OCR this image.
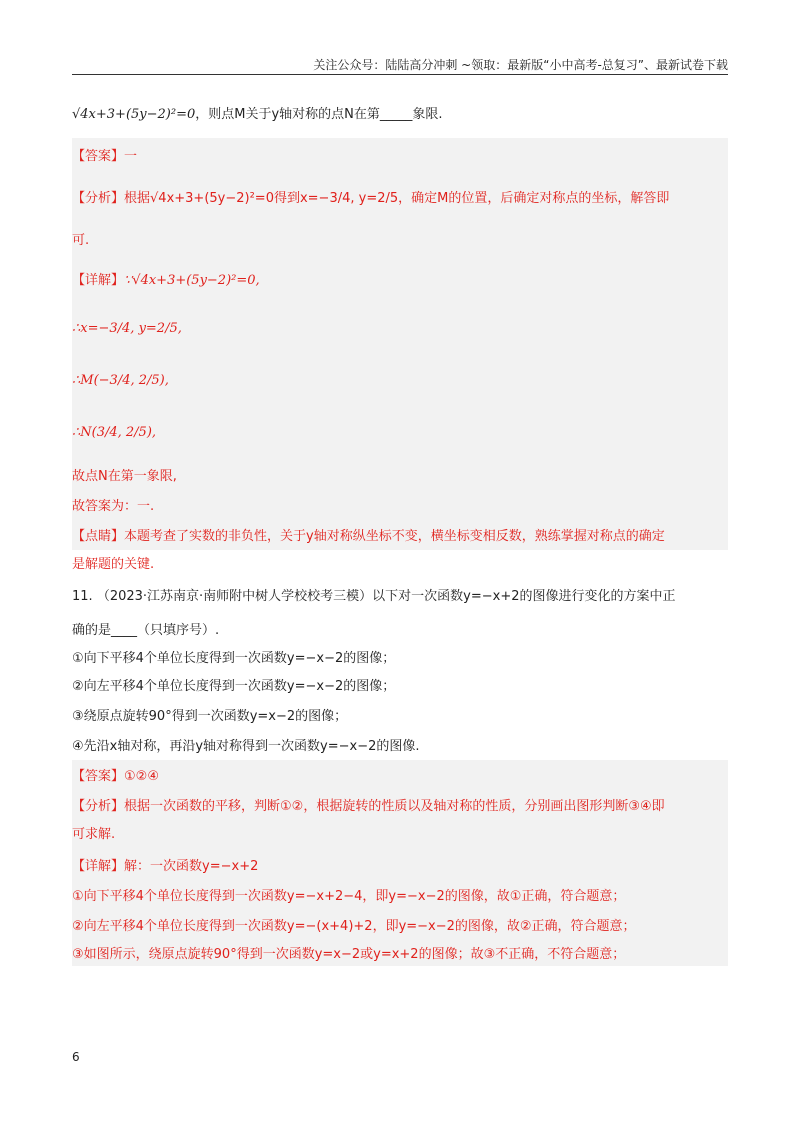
关注公众号：陆陆高分冲刺 ~领取：最新版“小中高考-总复习”、最新试卷下载
√4x+3+(5y−2)²=0，则点M关于y轴对称的点N在第_____象限.
【答案】一
【分析】根据√4x+3+(5y−2)²=0得到x=−3/4, y=2/5，确定M的位置，后确定对称点的坐标，解答即
可.
【详解】∵√4x+3+(5y−2)²=0,
∴x=−3/4, y=2/5,
∴M(−3/4, 2/5),
∴N(3/4, 2/5),
故点N在第一象限,
故答案为：一.
【点睛】本题考查了实数的非负性，关于y轴对称纵坐标不变，横坐标变相反数，熟练掌握对称点的确定
是解题的关键.
11. （2023·江苏南京·南师附中树人学校校考三模）以下对一次函数y=−x+2的图像进行变化的方案中正
确的是____（只填序号）.
①向下平移4个单位长度得到一次函数y=−x−2的图像；
②向左平移4个单位长度得到一次函数y=−x−2的图像；
③绕原点旋转90°得到一次函数y=x−2的图像；
④先沿x轴对称，再沿y轴对称得到一次函数y=−x−2的图像.
【答案】①②④
【分析】根据一次函数的平移，判断①②，根据旋转的性质以及轴对称的性质，分别画出图形判断③④即
可求解.
【详解】解：一次函数y=−x+2
①向下平移4个单位长度得到一次函数y=−x+2−4，即y=−x−2的图像，故①正确，符合题意；
②向左平移4个单位长度得到一次函数y=−(x+4)+2，即y=−x−2的图像，故②正确，符合题意；
③如图所示，绕原点旋转90°得到一次函数y=x−2或y=x+2的图像；故③不正确，不符合题意；
6
